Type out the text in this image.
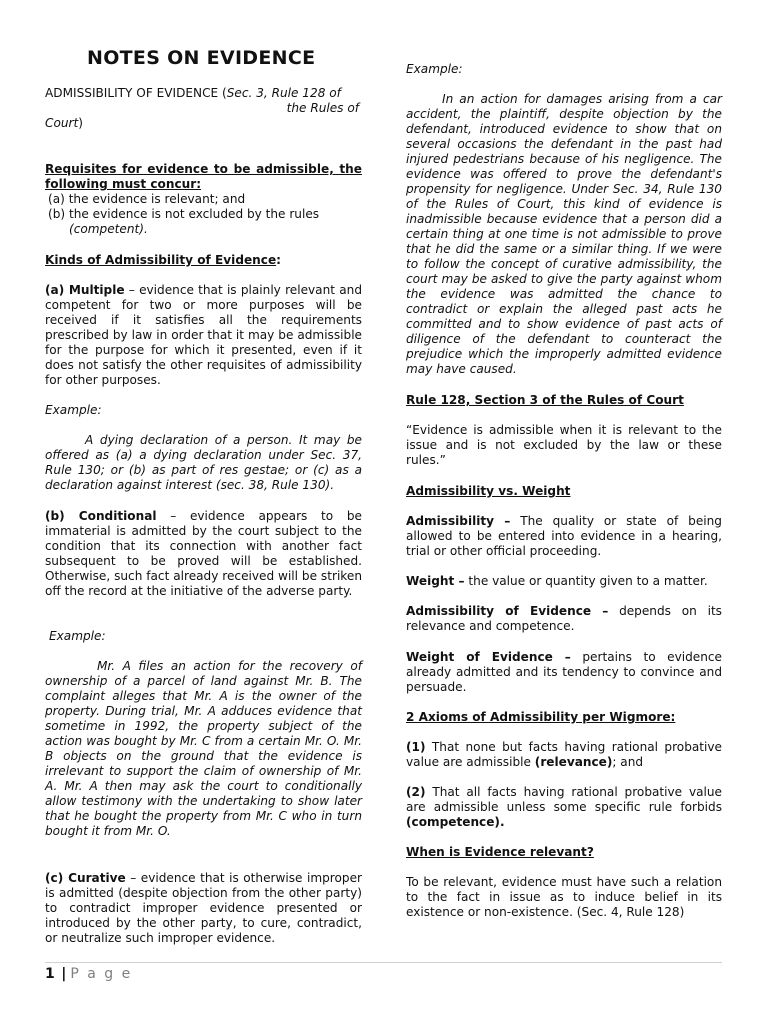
NOTES ON EVIDENCE

ADMISSIBILITY OF EVIDENCE (Sec. 3, Rule 128 of

the Rules of

Court)

Requisites for evidence to be admissible, the following must concur:

(a) the evidence is relevant; and

(b) the evidence is not excluded by the rules

(competent).

Kinds of Admissibility of Evidence:

(a) Multiple – evidence that is plainly relevant and competent for two or more purposes will be received if it satisfies all the requirements prescribed by law in order that it may be admissible for the purpose for which it presented, even if it does not satisfy the other requisites of admissibility for other purposes.

Example:

A dying declaration of a person. It may be offered as (a) a dying declaration under Sec. 37, Rule 130; or (b) as part of res gestae; or (c) as a declaration against interest (sec. 38, Rule 130).

(b) Conditional – evidence appears to be immaterial is admitted by the court subject to the condition that its connection with another fact subsequent to be proved will be established. Otherwise, such fact already received will be striken off the record at the initiative of the adverse party.

Example:

Mr. A files an action for the recovery of ownership of a parcel of land against Mr. B. The complaint alleges that Mr. A is the owner of the property. During trial, Mr. A adduces evidence that sometime in 1992, the property subject of the action was bought by Mr. C from a certain Mr. O. Mr. B objects on the ground that the evidence is irrelevant to support the claim of ownership of Mr. A. Mr. A then may ask the court to conditionally allow testimony with the undertaking to show later that he bought the property from Mr. C who in turn bought it from Mr. O.

(c) Curative – evidence that is otherwise improper is admitted (despite objection from the other party) to contradict improper evidence presented or introduced by the other party, to cure, contradict, or neutralize such improper evidence.

Example:

In an action for damages arising from a car accident, the plaintiff, despite objection by the defendant, introduced evidence to show that on several occasions the defendant in the past had injured pedestrians because of his negligence. The evidence was offered to prove the defendant's propensity for negligence. Under Sec. 34, Rule 130 of the Rules of Court, this kind of evidence is inadmissible because evidence that a person did a certain thing at one time is not admissible to prove that he did the same or a similar thing. If we were to follow the concept of curative admissibility, the court may be asked to give the party against whom the evidence was admitted the chance to contradict or explain the alleged past acts he committed and to show evidence of past acts of diligence of the defendant to counteract the prejudice which the improperly admitted evidence may have caused.

Rule 128, Section 3 of the Rules of Court

“Evidence is admissible when it is relevant to the issue and is not excluded by the law or these rules.”

Admissibility vs. Weight

Admissibility – The quality or state of being allowed to be entered into evidence in a hearing, trial or other official proceeding.

Weight – the value or quantity given to a matter.

Admissibility of Evidence – depends on its relevance and competence.

Weight of Evidence – pertains to evidence already admitted and its tendency to convince and persuade.

2 Axioms of Admissibility per Wigmore:

(1) That none but facts having rational probative value are admissible (relevance); and

(2) That all facts having rational probative value are admissible unless some specific rule forbids (competence).

When is Evidence relevant?

To be relevant, evidence must have such a relation to the fact in issue as to induce belief in its existence or non-existence. (Sec. 4, Rule 128)

1 | P a g e
